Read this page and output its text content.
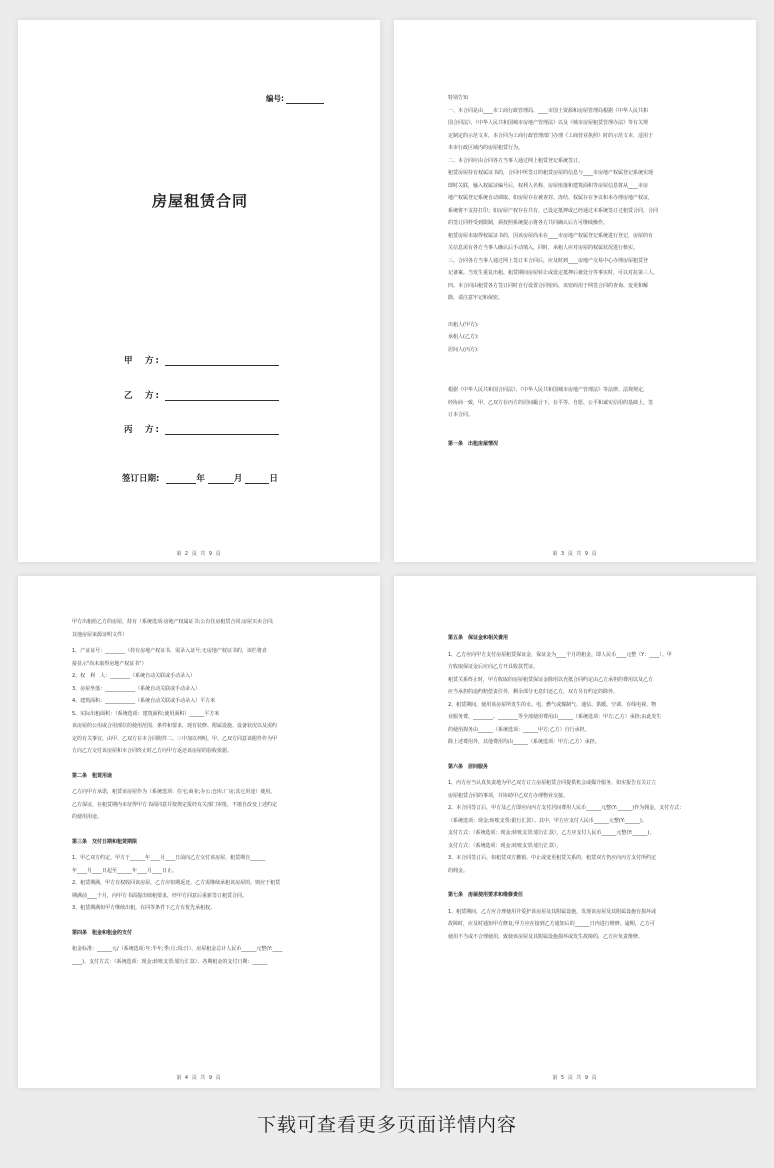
编号:
房屋租赁合同
甲　方:
乙　方:
丙　方:
签订日期:	年	月	日
第 2 页 共 9 页

特别告知

一、本合同是由____市工商行政管理局、____市国土资源和房屋管理局根据《中华人民共和

国合同法》、《中华人民共和国城市房地产管理法》以及《城市房屋租赁管理办法》等有关规

定制定的示范文本。本合同为工商行政管理部门办理《工商营业执照》时的示范文本，适用于

本市行政区域内的房屋租赁行为。

二、本合同应由合同各方当事人通过网上租赁登记系统签订。

租赁房屋持有权属证书的，合同中所签订的租赁房屋的信息与____市房地产权属登记系统实现

即时关联，输入权属证编号后，权利人名称、房屋座落和建筑面积等房屋信息将从____市房

地产权属登记系统自动调取。如房屋存在被查封、冻结、权属存在争议和未办理房地产权证，

系统将不支持打印；如房屋产权存在共有、已设定抵押或已经通过本系统签订过租赁合同，合同

的签订同样受到限制，须按照系统提示将各方共同确认后方可继续操作。

租赁房屋未取得权属证书的，因该房屋尚未在____市房地产权属登记系统进行登记，房屋的有

关信息需有各方当事人确认后手动填入，同时，承租人应对房屋的权属状况进行核实。

三、合同各方当事人通过网上签订本合同后，应及时到____房地产交易中心办理房屋租赁登

记备案。当发生重复出租、租赁期间房屋转让或设定抵押后被处分等事实时，可以对抗第三人。

四、本合同由租赁各方签订同时自行设置合同密码，该密码用于网签合同的查询、变更和解

除，请注意牢记和保密。

出租人(甲方):

承租人(乙方):

居间人(丙方):

根据《中华人民共和国合同法》、《中华人民共和国城市房地产管理法》等法律、法规规定，

经协商一致，甲、乙双方在丙方的居间撮合下，在平等、自愿、公平和诚实信用的基础上，签

订本合同。

第一条　出租房屋情况

第 3 页 共 9 页

甲方出租给乙方的房屋，持有（系统选项:房地产权属证书;公有住房租赁合同;房屋买卖合同;

其他房屋来源证明文件）

1、产证证号：________（持有房地产权证书，需录入证号;无房地产权证书的，该栏将直

接显示"尚未取得房地产权证书"）

2、权　利　人：________（系统自动关联或手动录入）

3、房屋坐落：____________（系统自动关联或手动录入）

4、建筑面积：____________（系统自动关联或手动录入）平方米

5、实际出租面积：（系统选项：建筑面积;使用面积）______平方米

该房屋的公用或合用部位的使用范围、条件和要求，现有装修、附属设施、设备状况以及需约

定的有关事宜，由甲、乙双方在本合同附件二、三中加以列明。甲、乙双方同意该附件作为甲

方向乙方交付该房屋和本合同终止时乙方向甲方返还该房屋的验收依据。

第二条　租赁用途

乙方向甲方承诺，租赁该房屋作为（系统选项：住宅;商业;办公;仓库;厂房;其它用途）使用。

乙方保证，在租赁期内未征得甲方书面同意并按规定报经有关部门审批，不擅自改变上述约定

的使用用途。

第三条　交付日期和租赁期限

1、甲乙双方约定，甲方于______年____月____日前向乙方交付该房屋，租赁期自______

年____月____日起至______年____月____日止。

2、租赁期满，甲方有权收回该房屋，乙方应如期返还。乙方需继续承租该房屋的，则应于租赁

期满前____个月，向甲方书面提出续租要求，经甲方同意后重新签订租赁合同。

3、租赁期满如甲方继续出租，在同等条件下乙方有优先承租权。

第四条　租金和租金的支付

租金标准：______元/（系统选项:年;半年;季;月;周;日）、房屋租金总计人民币______元整(Y:____

____)、支付方式：（系统选项：现金;转账支票;银行汇款）、各期租金的支付日期：______

第 4 页 共 9 页

第五条　保证金和相关费用

1、乙方应向甲方支付房屋租赁保证金，保证金为____个月的租金，即人民币____元整（Y：____）。甲

方收取保证金后应向乙方开具收款凭证。

租赁关系终止时，甲方收取的房屋租赁保证金除用以充抵合同约定由乙方承担的费用以及乙方

应当承担的违约赔偿责任外，剩余部分无息归还乙方，双方另有约定的除外。

2、租赁期间，使用该房屋所发生的水、电、燃气或煤制气、通信、供暖、空调、有线电视、物

业服务费、________、________等全部使用费用由______（系统选项：甲方;乙方）承担;由此发生

的使用损务由______（系统选项：______甲方;乙方）自行承担。

除上述费用外，其他费用均由______（系统选项：甲方;乙方）承担。

第六条　居间服务

1、丙方应当认真负责地为甲乙双方订立房屋租赁合同提供机会或媒介服务，如实报告有关订立

房屋租赁合同的事项，并协助甲乙双方办理物业交接。

2、本合同签订后，甲方及乙方即应向丙方支付居间费用人民币______元整(Y:______)作为佣金，支付方式：

（系统选项：现金;转账支票;银行汇款）。其中，甲方应支付人民币______元整(Y:______)。

支付方式：（系统选项：现金;转账支票;银行汇款），乙方应支付人民币______元整(Y:______)，

支付方式：（系统选项：现金;转账支票;银行汇款）。

3、本合同签订后，如租赁双方撤销、中止或变更租赁关系的，租赁双方仍应向丙方支付所约定

的佣金。

第七条　房屋使用要求和维修责任

1、租赁期间，乙方应合理使用并爱护该房屋及其附属设施，发现该房屋及其附属设施有损坏或

故障时，应及时通知甲方修复;甲方应在接到乙方通知后的______日内进行维修。逾期，乙方可

使用不当或不合理使用，致使该房屋及其附属设施损坏或发生故障的，乙方应负责维修。

第 5 页 共 9 页
下载可查看更多页面详情内容
